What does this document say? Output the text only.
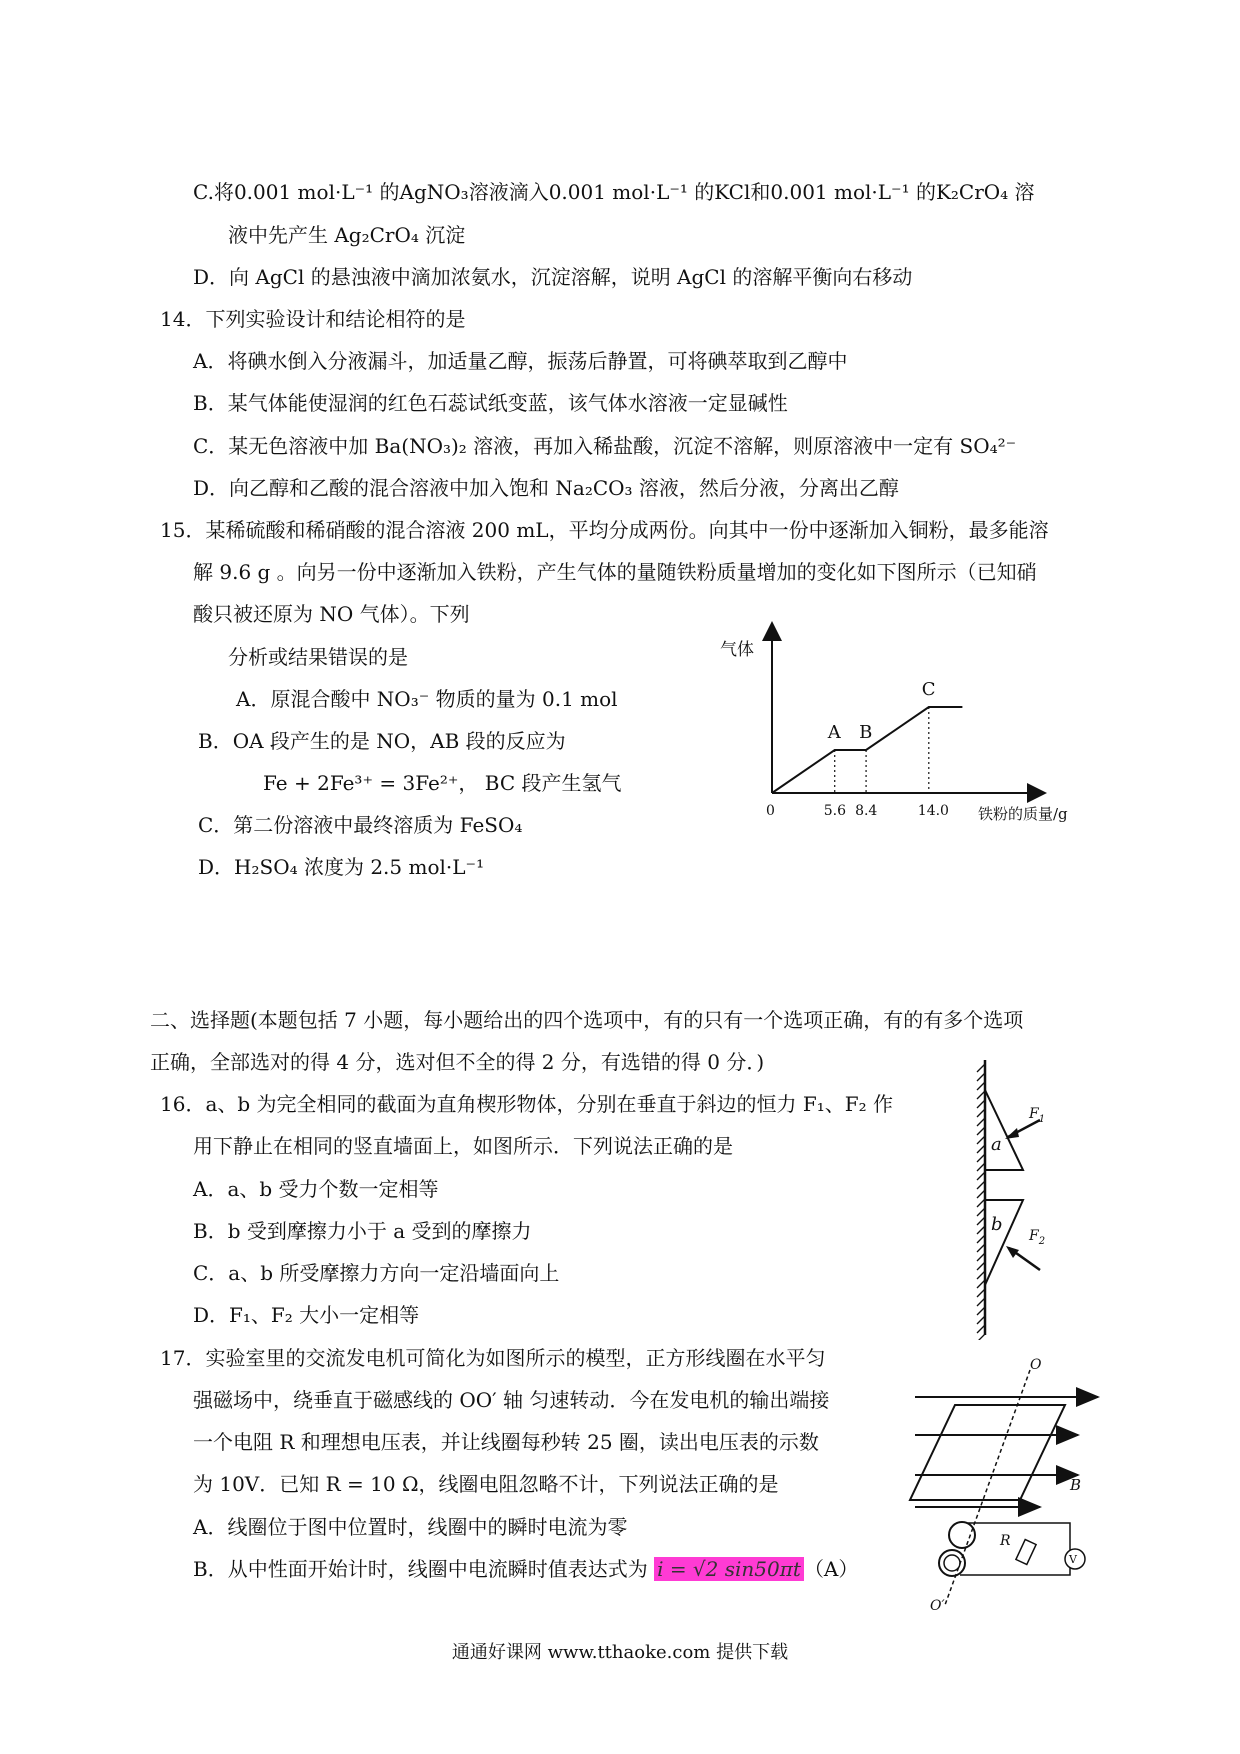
C.将0.001 mol·L⁻¹ 的AgNO₃溶液滴入0.001 mol·L⁻¹ 的KCl和0.001 mol·L⁻¹ 的K₂CrO₄ 溶
液中先产生 Ag₂CrO₄ 沉淀
D．向 AgCl 的悬浊液中滴加浓氨水，沉淀溶解，说明 AgCl 的溶解平衡向右移动
14．下列实验设计和结论相符的是
A．将碘水倒入分液漏斗，加适量乙醇，振荡后静置，可将碘萃取到乙醇中
B．某气体能使湿润的红色石蕊试纸变蓝，该气体水溶液一定显碱性
C．某无色溶液中加 Ba(NO₃)₂ 溶液，再加入稀盐酸，沉淀不溶解，则原溶液中一定有 SO₄²⁻
D．向乙醇和乙酸的混合溶液中加入饱和 Na₂CO₃ 溶液，然后分液，分离出乙醇
15．某稀硫酸和稀硝酸的混合溶液 200 mL，平均分成两份。向其中一份中逐渐加入铜粉，最多能溶
解 9.6 g 。向另一份中逐渐加入铁粉，产生气体的量随铁粉质量增加的变化如下图所示（已知硝
酸只被还原为 NO 气体）。下列
分析或结果错误的是
A．原混合酸中 NO₃⁻ 物质的量为 0.1 mol
B．OA 段产生的是 NO，AB 段的反应为
Fe + 2Fe³⁺ = 3Fe²⁺， BC 段产生氢气
C．第二份溶液中最终溶质为 FeSO₄
D．H₂SO₄ 浓度为 2.5 mol·L⁻¹
气体
铁粉的质量/g
0	5.6 8.4	14.0
A B
C
二、选择题(本题包括 7 小题，每小题给出的四个选项中，有的只有一个选项正确，有的有多个选项
正确，全部选对的得 4 分，选对但不全的得 2 分，有选错的得 0 分．)
16．a、b 为完全相同的截面为直角楔形物体，分别在垂直于斜边的恒力 F₁、F₂ 作
用下静止在相同的竖直墙面上，如图所示．下列说法正确的是
A．a、b 受力个数一定相等
B．b 受到摩擦力小于 a 受到的摩擦力
C．a、b 所受摩擦力方向一定沿墙面向上
D．F₁、F₂ 大小一定相等
a
b
$F_1$
$F_2$
17．实验室里的交流发电机可简化为如图所示的模型，正方形线圈在水平匀
强磁场中，绕垂直于磁感线的 OO′ 轴 匀速转动．今在发电机的输出端接
一个电阻 R 和理想电压表，并让线圈每秒转 25 圈，读出电压表的示数
为 10V．已知 R = 10 Ω，线圈电阻忽略不计，下列说法正确的是
A．线圈位于图中位置时，线圈中的瞬时电流为零
B．从中性面开始计时，线圈中电流瞬时值表达式为 i = √2 sin50πt （A）
O
O′
B
R
V
通通好课网 www.tthaoke.com 提供下载
